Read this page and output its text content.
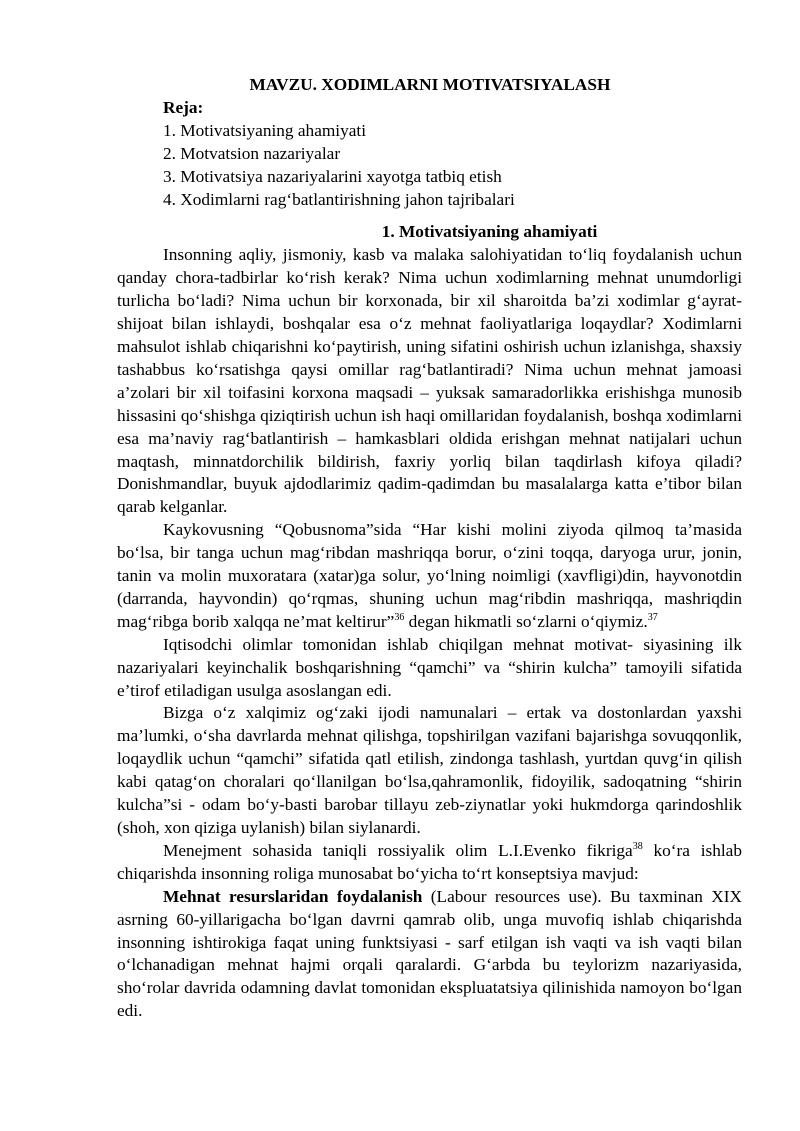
MAVZU. XODIMLARNI MOTIVATSIYALASH
Reja:
1. Motivatsiyaning ahamiyati
2. Motvatsion nazariyalar
3. Motivatsiya nazariyalarini xayotga tatbiq etish
4. Xodimlarni rag‘batlantirishning jahon tajribalari
1. Motivatsiyaning ahamiyati

Insonning aqliy, jismoniy, kasb va malaka salohiyatidan to‘liq foydalanish uchun qanday chora-tadbirlar ko‘rish kerak? Nima uchun xodimlarning mehnat unumdorligi turlicha bo‘ladi? Nima uchun bir korxonada, bir xil sharoitda ba’zi xodimlar g‘ayrat-shijoat bilan ishlaydi, boshqalar esa o‘z mehnat faoliyatlariga loqaydlar? Xodimlarni mahsulot ishlab chiqarishni ko‘paytirish, uning sifatini oshirish uchun izlanishga, shaxsiy tashabbus ko‘rsatishga qaysi omillar rag‘batlantiradi? Nima uchun mehnat jamoasi a’zolari bir xil toifasini korxona maqsadi – yuksak samaradorlikka erishishga munosib hissasini qo‘shishga qiziqtirish uchun ish haqi omillaridan foydalanish, boshqa xodimlarni esa ma’naviy rag‘batlantirish – hamkasblari oldida erishgan mehnat natijalari uchun maqtash, minnatdorchilik bildirish, faxriy yorliq bilan taqdirlash kifoya qiladi? Donishmandlar, buyuk ajdodlarimiz qadim-qadimdan bu masalalarga katta e’tibor bilan qarab kelganlar.

Kaykovusning “Qobusnoma”sida “Har kishi molini ziyoda qilmoq ta’masida bo‘lsa, bir tanga uchun mag‘ribdan mashriqqa borur, o‘zini toqqa, daryoga urur, jonin, tanin va molin muxoratara (xatar)ga solur, yo‘lning noimligi (xavfligi)din, hayvonotdin (darranda, hayvondin) qo‘rqmas, shuning uchun mag‘ribdin mashriqqa, mashriqdin mag‘ribga borib xalqqa ne’mat keltirur”$^{36}$ degan hikmatli so‘zlarni o‘qiymiz.$^{37}$

Iqtisodchi olimlar tomonidan ishlab chiqilgan mehnat motivat- siyasining ilk nazariyalari keyinchalik boshqarishning “qamchi” va “shirin kulcha” tamoyili sifatida e’tirof etiladigan usulga asoslangan edi.

Bizga o‘z xalqimiz og‘zaki ijodi namunalari – ertak va dostonlardan yaxshi ma’lumki, o‘sha davrlarda mehnat qilishga, topshirilgan vazifani bajarishga sovuqqonlik, loqaydlik uchun “qamchi” sifatida qatl etilish, zindonga tashlash, yurtdan quvg‘in qilish kabi qatag‘on choralari qo‘llanilgan bo‘lsa,qahramonlik, fidoyilik, sadoqatning “shirin kulcha”si - odam bo‘y-basti barobar tillayu zeb-ziynatlar yoki hukmdorga qarindoshlik (shoh, xon qiziga uylanish) bilan siylanardi.

Menejment sohasida taniqli rossiyalik olim L.I.Evenko fikriga$^{38}$ ko‘ra ishlab chiqarishda insonning roliga munosabat bo‘yicha to‘rt konseptsiya mavjud:

Mehnat resurslaridan foydalanish (Labour resources use). Bu taxminan XIX asrning 60-yillarigacha bo‘lgan davrni qamrab olib, unga muvofiq ishlab chiqarishda insonning ishtirokiga faqat uning funktsiyasi - sarf etilgan ish vaqti va ish vaqti bilan o‘lchanadigan mehnat hajmi orqali qaralardi. G‘arbda bu teylorizm nazariyasida, sho‘rolar davrida odamning davlat tomonidan ekspluatatsiya qilinishida namoyon bo‘lgan edi.
